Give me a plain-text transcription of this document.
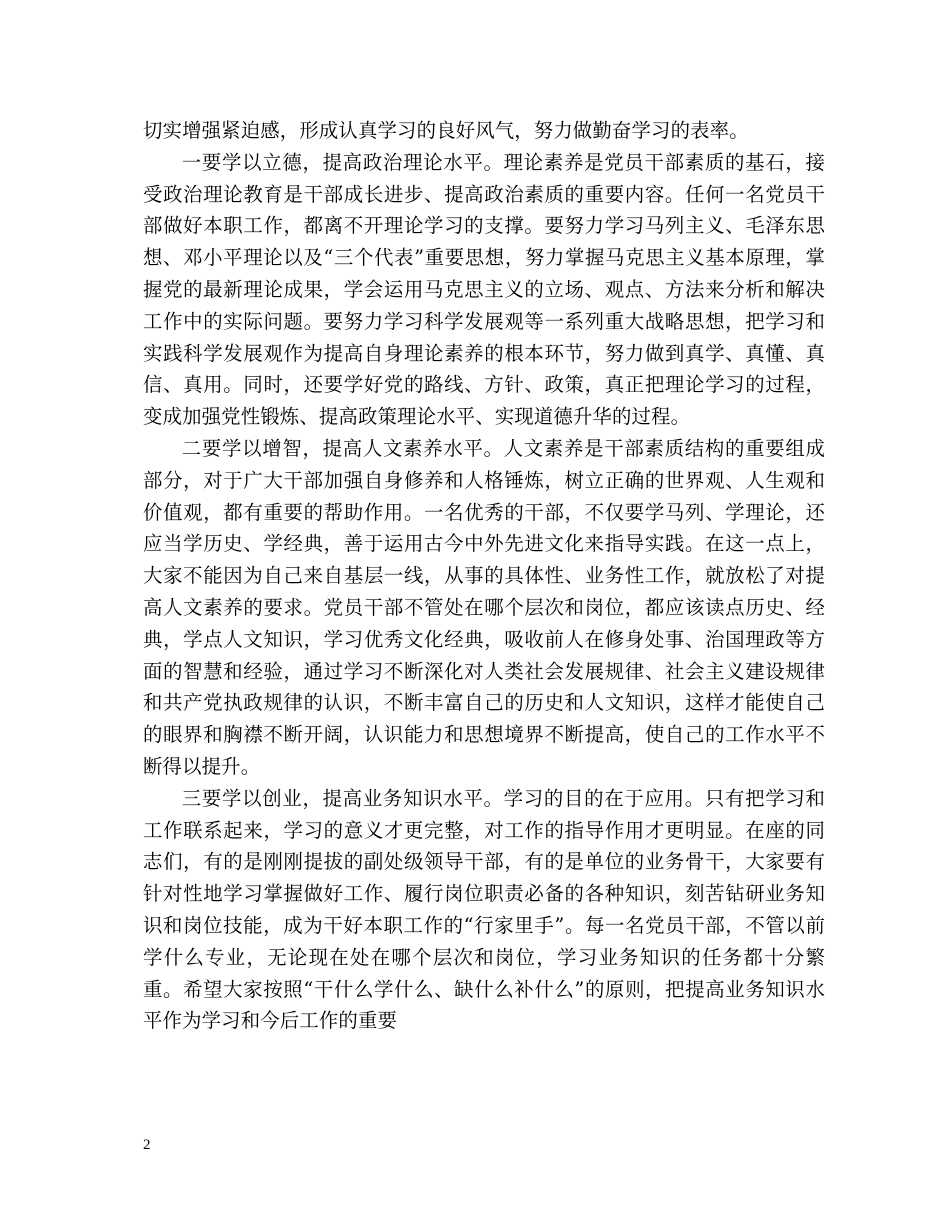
切实增强紧迫感，形成认真学习的良好风气，努力做勤奋学习的表率。

一要学以立德，提高政治理论水平。理论素养是党员干部素质的基石，接受政治理论教育是干部成长进步、提高政治素质的重要内容。任何一名党员干部做好本职工作，都离不开理论学习的支撑。要努力学习马列主义、毛泽东思想、邓小平理论以及“三个代表”重要思想，努力掌握马克思主义基本原理，掌握党的最新理论成果，学会运用马克思主义的立场、观点、方法来分析和解决工作中的实际问题。要努力学习科学发展观等一系列重大战略思想，把学习和实践科学发展观作为提高自身理论素养的根本环节，努力做到真学、真懂、真信、真用。同时，还要学好党的路线、方针、政策，真正把理论学习的过程，变成加强党性锻炼、提高政策理论水平、实现道德升华的过程。

二要学以增智，提高人文素养水平。人文素养是干部素质结构的重要组成部分，对于广大干部加强自身修养和人格锤炼，树立正确的世界观、人生观和价值观，都有重要的帮助作用。一名优秀的干部，不仅要学马列、学理论，还应当学历史、学经典，善于运用古今中外先进文化来指导实践。在这一点上，大家不能因为自己来自基层一线，从事的具体性、业务性工作，就放松了对提高人文素养的要求。党员干部不管处在哪个层次和岗位，都应该读点历史、经典，学点人文知识，学习优秀文化经典，吸收前人在修身处事、治国理政等方面的智慧和经验，通过学习不断深化对人类社会发展规律、社会主义建设规律和共产党执政规律的认识，不断丰富自己的历史和人文知识，这样才能使自己的眼界和胸襟不断开阔，认识能力和思想境界不断提高，使自己的工作水平不断得以提升。

三要学以创业，提高业务知识水平。学习的目的在于应用。只有把学习和工作联系起来，学习的意义才更完整，对工作的指导作用才更明显。在座的同志们，有的是刚刚提拔的副处级领导干部，有的是单位的业务骨干，大家要有针对性地学习掌握做好工作、履行岗位职责必备的各种知识，刻苦钻研业务知识和岗位技能，成为干好本职工作的“行家里手”。每一名党员干部，不管以前学什么专业，无论现在处在哪个层次和岗位，学习业务知识的任务都十分繁重。希望大家按照“干什么学什么、缺什么补什么”的原则，把提高业务知识水平作为学习和今后工作的重要

2
